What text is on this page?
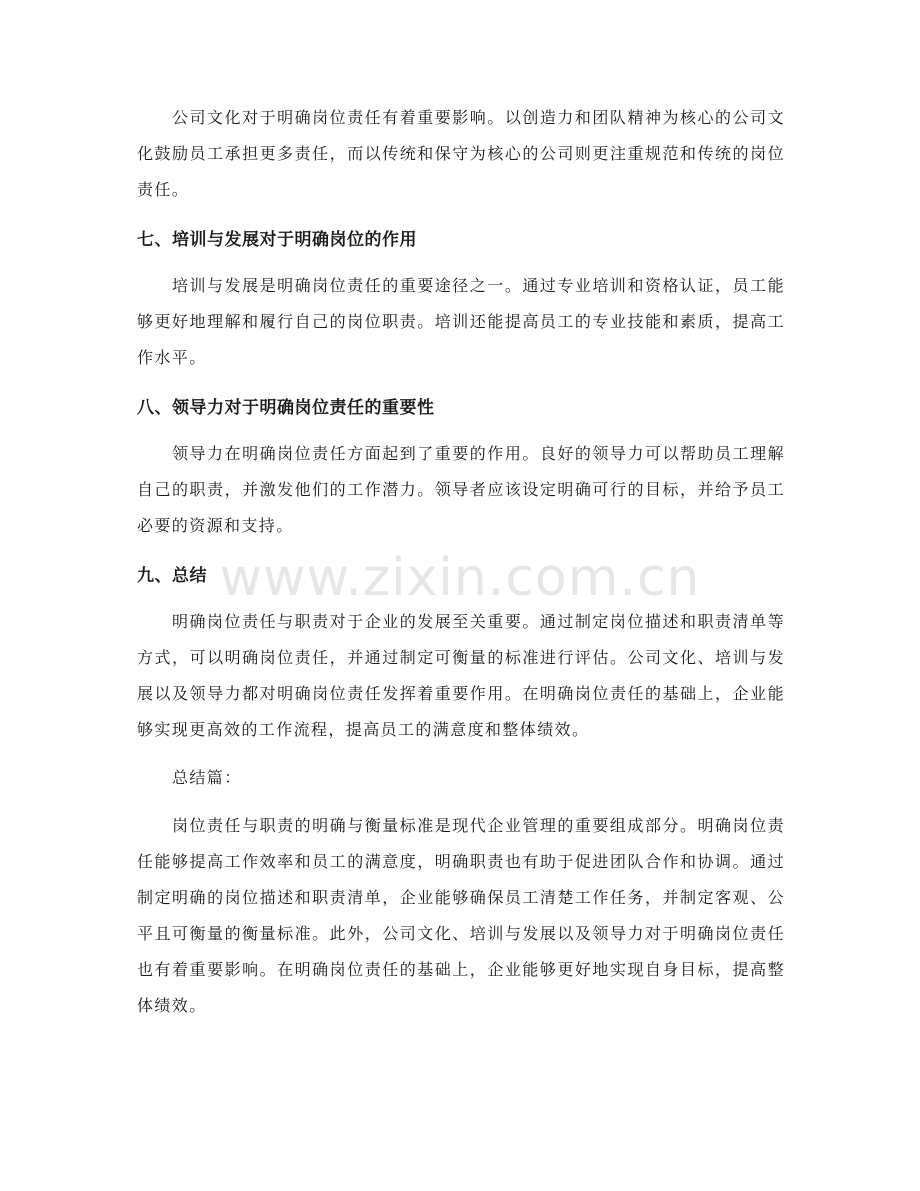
公司文化对于明确岗位责任有着重要影响。以创造力和团队精神为核心的公司文化鼓励员工承担更多责任，而以传统和保守为核心的公司则更注重规范和传统的岗位责任。

七、培训与发展对于明确岗位的作用

培训与发展是明确岗位责任的重要途径之一。通过专业培训和资格认证，员工能够更好地理解和履行自己的岗位职责。培训还能提高员工的专业技能和素质，提高工作水平。

八、领导力对于明确岗位责任的重要性

领导力在明确岗位责任方面起到了重要的作用。良好的领导力可以帮助员工理解自己的职责，并激发他们的工作潜力。领导者应该设定明确可行的目标，并给予员工必要的资源和支持。

九、总结

明确岗位责任与职责对于企业的发展至关重要。通过制定岗位描述和职责清单等方式，可以明确岗位责任，并通过制定可衡量的标准进行评估。公司文化、培训与发展以及领导力都对明确岗位责任发挥着重要作用。在明确岗位责任的基础上，企业能够实现更高效的工作流程，提高员工的满意度和整体绩效。

总结篇：

岗位责任与职责的明确与衡量标准是现代企业管理的重要组成部分。明确岗位责任能够提高工作效率和员工的满意度，明确职责也有助于促进团队合作和协调。通过制定明确的岗位描述和职责清单，企业能够确保员工清楚工作任务，并制定客观、公平且可衡量的衡量标准。此外，公司文化、培训与发展以及领导力对于明确岗位责任也有着重要影响。在明确岗位责任的基础上，企业能够更好地实现自身目标，提高整体绩效。

www.zixin.com.cn
